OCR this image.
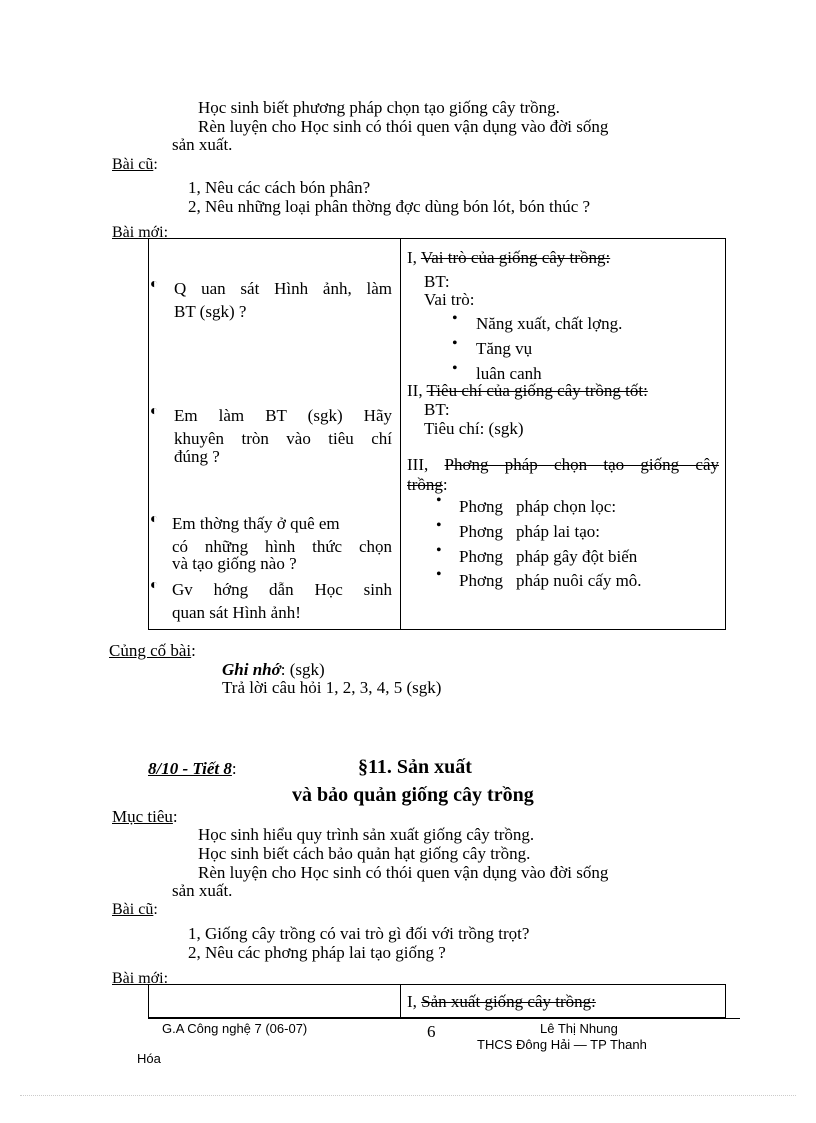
Học sinh biết phương pháp chọn tạo giống cây trồng.
Rèn luyện cho Học sinh có thói quen vận dụng vào đời sống
sản xuất.
Bài cũ:
1, Nêu các cách bón phân?
2, Nêu những loại phân thờng đợc dùng bón lót, bón thúc ?
Bài mới:
◐ Q uan sát Hình ảnh, làm
BT (sgk) ?
◐ Em làm BT (sgk) Hãy
khuyên tròn vào tiêu chí
đúng ?
◐ Em thờng thấy ở quê em
có những hình thức chọn
và tạo giống nào ?
◐ Gv hớng dẫn Học sinh
quan sát Hình ảnh!
I, Vai trò của giống cây trồng:
BT:
Vai trò:
• Năng xuất, chất lợng.
• Tăng vụ
• luân canh
II, Tiêu chí của giống cây trồng tốt:
BT:
Tiêu chí: (sgk)
III, Phơng pháp chọn tạo giống cây
trồng:
• Phơng pháp chọn lọc:
• Phơng pháp lai tạo:
• Phơng pháp gây đột biến
• Phơng pháp nuôi cấy mô.
Củng cố bài:
Ghi nhớ: (sgk)
Trả lời câu hỏi 1, 2, 3, 4, 5 (sgk)
8/10 - Tiết 8:	§11. Sản xuất
và bảo quản giống cây trồng
Mục tiêu:
Học sinh hiểu quy trình sản xuất giống cây trồng.
Học sinh biết cách bảo quản hạt giống cây trồng.
Rèn luyện cho Học sinh có thói quen vận dụng vào đời sống
sản xuất.
Bài cũ:
1, Giống cây trồng có vai trò gì đối với trồng trọt?
2, Nêu các phơng pháp lai tạo giống ?
Bài mới:
I, Sản xuất giống cây trồng:
G.A Công nghệ 7 (06-07)	6	Lê Thị Nhung
THCS Đông Hải — TP Thanh
Hóa
